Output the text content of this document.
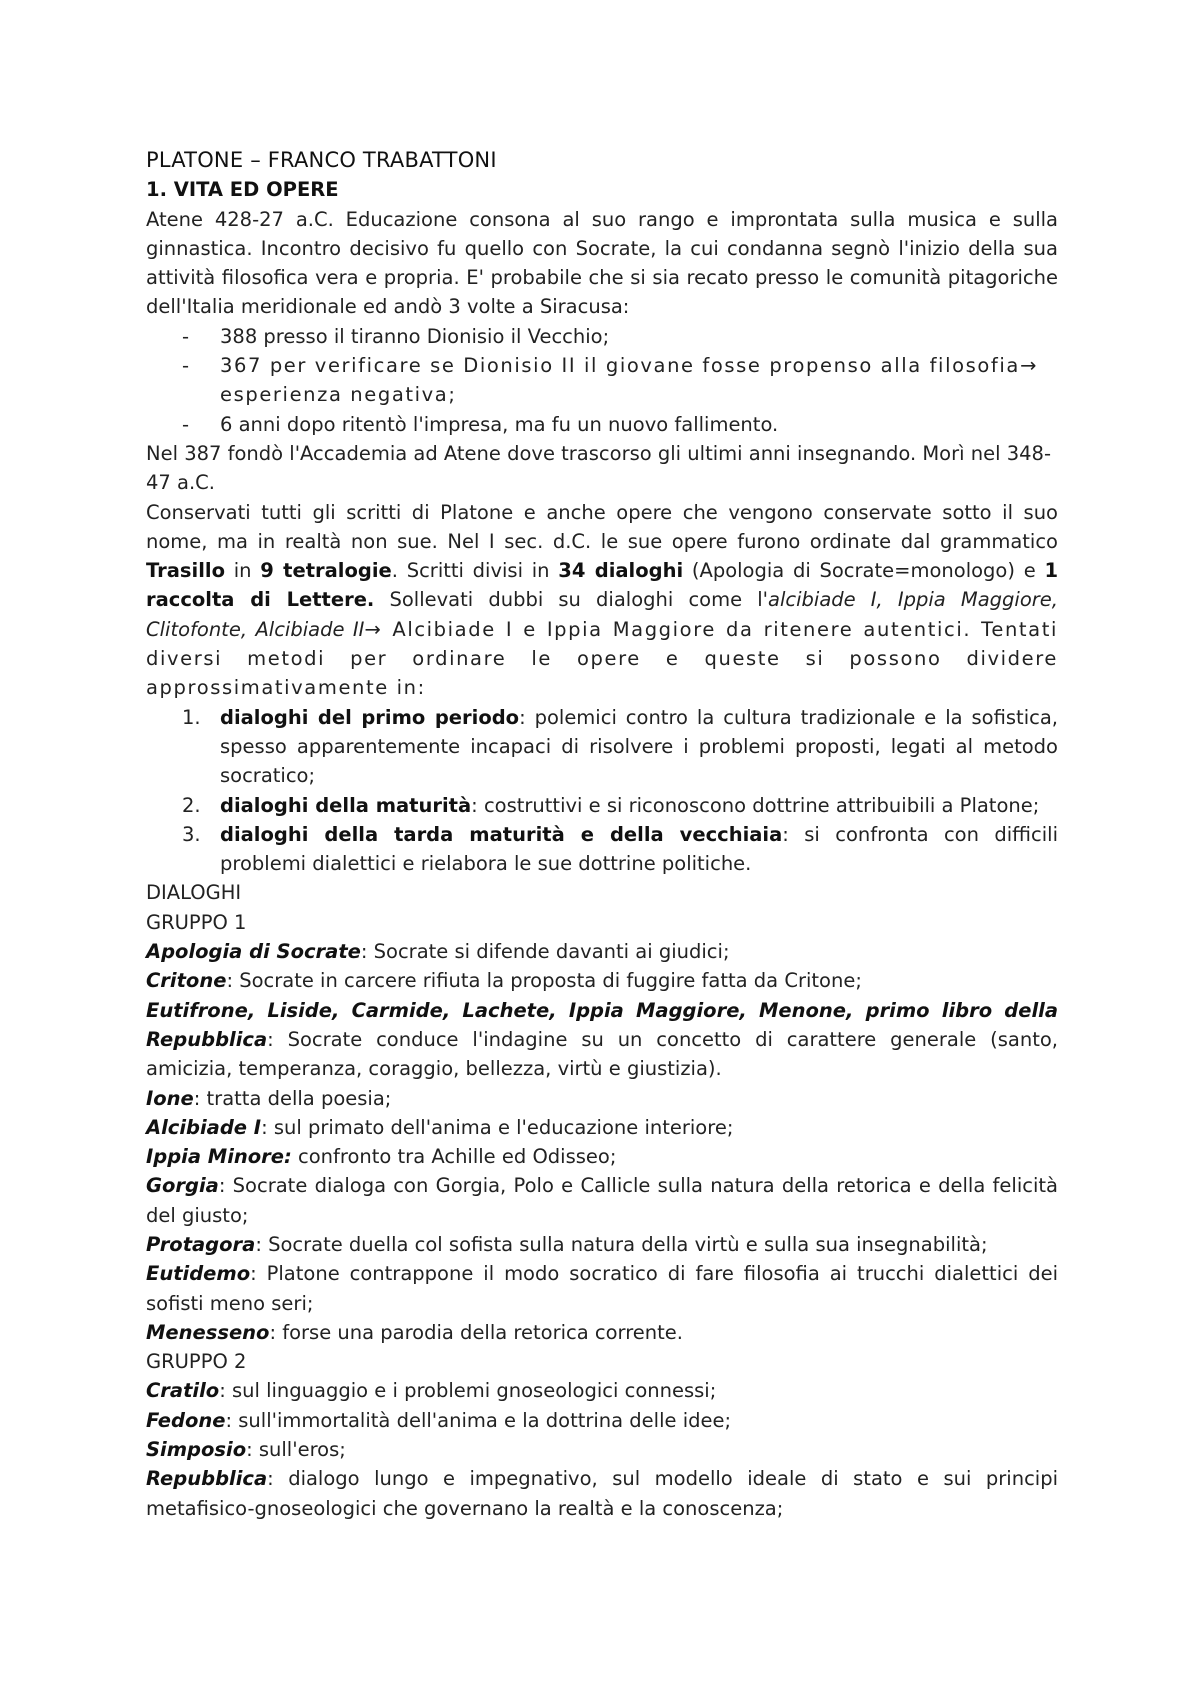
PLATONE – FRANCO TRABATTONI

1. VITA ED OPERE

Atene 428-27 a.C. Educazione consona al suo rango e improntata sulla musica e sulla ginnastica. Incontro decisivo fu quello con Socrate, la cui condanna segnò l'inizio della sua attività filosofica vera e propria. E' probabile che si sia recato presso le comunità pitagoriche dell'Italia meridionale ed andò 3 volte a Siracusa:

- 388 presso il tiranno Dionisio il Vecchio;
- 367 per verificare se Dionisio II il giovane fosse propenso alla filosofia→ esperienza negativa;
- 6 anni dopo ritentò l'impresa, ma fu un nuovo fallimento.

Nel 387 fondò l'Accademia ad Atene dove trascorso gli ultimi anni insegnando. Morì nel 348-47 a.C.

Conservati tutti gli scritti di Platone e anche opere che vengono conservate sotto il suo nome, ma in realtà non sue. Nel I sec. d.C. le sue opere furono ordinate dal grammatico Trasillo in 9 tetralogie. Scritti divisi in 34 dialoghi (Apologia di Socrate=monologo) e 1 raccolta di Lettere. Sollevati dubbi su dialoghi come l'alcibiade I, Ippia Maggiore, Clitofonte, Alcibiade II→ Alcibiade I e Ippia Maggiore da ritenere autentici. Tentati diversi metodi per ordinare le opere e queste si possono dividere approssimativamente in:

1. dialoghi del primo periodo: polemici contro la cultura tradizionale e la sofistica, spesso apparentemente incapaci di risolvere i problemi proposti, legati al metodo socratico;
2. dialoghi della maturità: costruttivi e si riconoscono dottrine attribuibili a Platone;
3. dialoghi della tarda maturità e della vecchiaia: si confronta con difficili problemi dialettici e rielabora le sue dottrine politiche.

DIALOGHI

GRUPPO 1

Apologia di Socrate: Socrate si difende davanti ai giudici;

Critone: Socrate in carcere rifiuta la proposta di fuggire fatta da Critone;

Eutifrone, Liside, Carmide, Lachete, Ippia Maggiore, Menone, primo libro della Repubblica: Socrate conduce l'indagine su un concetto di carattere generale (santo, amicizia, temperanza, coraggio, bellezza, virtù e giustizia).

Ione: tratta della poesia;

Alcibiade I: sul primato dell'anima e l'educazione interiore;

Ippia Minore: confronto tra Achille ed Odisseo;

Gorgia: Socrate dialoga con Gorgia, Polo e Callicle sulla natura della retorica e della felicità del giusto;

Protagora: Socrate duella col sofista sulla natura della virtù e sulla sua insegnabilità;

Eutidemo: Platone contrappone il modo socratico di fare filosofia ai trucchi dialettici dei sofisti meno seri;

Menesseno: forse una parodia della retorica corrente.

GRUPPO 2

Cratilo: sul linguaggio e i problemi gnoseologici connessi;

Fedone: sull'immortalità dell'anima e la dottrina delle idee;

Simposio: sull'eros;

Repubblica: dialogo lungo e impegnativo, sul modello ideale di stato e sui principi metafisico-gnoseologici che governano la realtà e la conoscenza;
